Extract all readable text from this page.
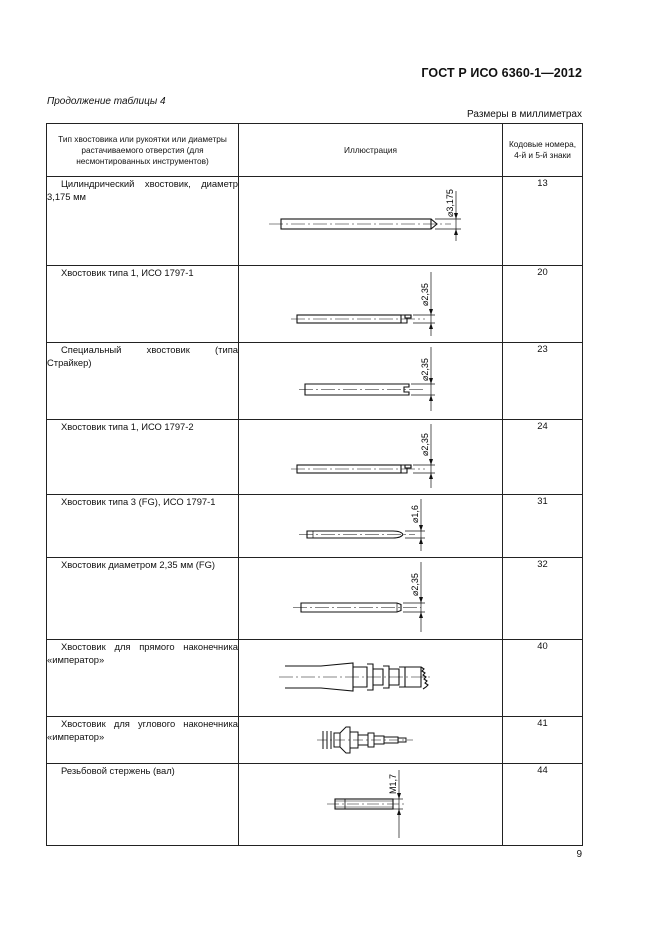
ГОСТ Р ИСО 6360-1—2012
Продолжение таблицы 4
Размеры в миллиметрах
Тип хвостовика или рукоятки или диаметры растачиваемого отверстия (для несмонтированных инструментов)	Иллюстрация	Кодовые номера, 4-й и 5-й знаки
Цилиндрический хвостовик, диаметр 3,175 мм	⌀3,175	13
Хвостовик типа 1, ИСО 1797-1	⌀2,35	20
Специальный хвостовик (типа Страйкер)	⌀2,35	23
Хвостовик типа 1, ИСО 1797-2	⌀2,35	24
Хвостовик типа 3 (FG), ИСО 1797-1	⌀1,6	31
Хвостовик диаметром 2,35 мм (FG)	⌀2,35	32
Хвостовик для прямого наконечника «император»		40
Хвостовик для углового наконечника «император»		41
Резьбовой стержень (вал)	M1,7	44
9
